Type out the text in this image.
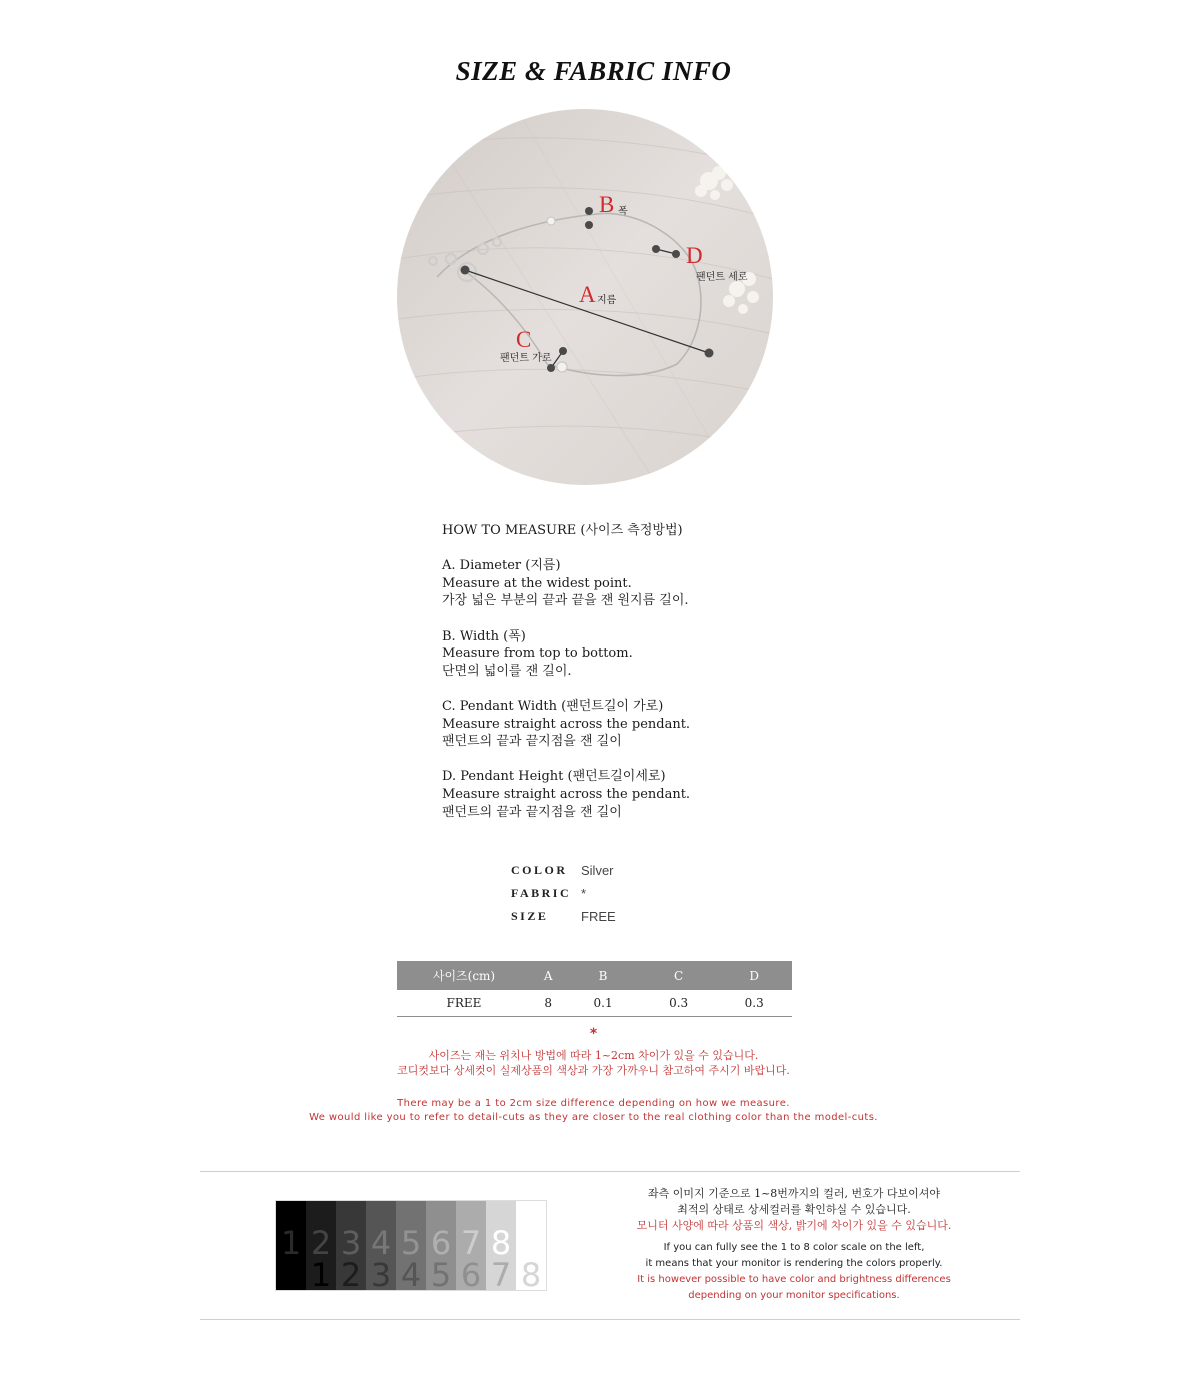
SIZE & FABRIC INFO
B 폭
D
팬던트 세로
A 지름
C
팬던트 가로
HOW TO MEASURE (사이즈 측정방법)
A. Diameter (지름)
Measure at the widest point.
가장 넓은 부분의 끝과 끝을 잰 원지름 길이.
B. Width (폭)
Measure from top to bottom.
단면의 넓이를 잰 길이.
C. Pendant Width (팬던트길이 가로)
Measure straight across the pendant.
팬던트의 끝과 끝지점을 잰 길이
D. Pendant Height (팬던트길이세로)
Measure straight across the pendant.
팬던트의 끝과 끝지점을 잰 길이
COLOR	Silver
FABRIC *
SIZE	FREE
사이즈(cm)	A	B	C	D
FREE	8	0.1	0.3	0.3
*
사이즈는 재는 위치나 방법에 따라 1~2cm 차이가 있을 수 있습니다.
코디컷보다 상세컷이 실제상품의 색상과 가장 가까우니 참고하여 주시기 바랍니다.
There may be a 1 to 2cm size difference depending on how we measure.
We would like you to refer to detail-cuts as they are closer to the real clothing color than the model-cuts.
1 2
1
3
2
4
3
5
4
6
5
7
6
8
7 8
좌측 이미지 기준으로 1~8번까지의 컬러, 번호가 다보이셔야
최적의 상태로 상세컬러를 확인하실 수 있습니다.
모니터 사양에 따라 상품의 색상, 밝기에 차이가 있을 수 있습니다.
If you can fully see the 1 to 8 color scale on the left,
it means that your monitor is rendering the colors properly.
It is however possible to have color and brightness differences
depending on your monitor specifications.
